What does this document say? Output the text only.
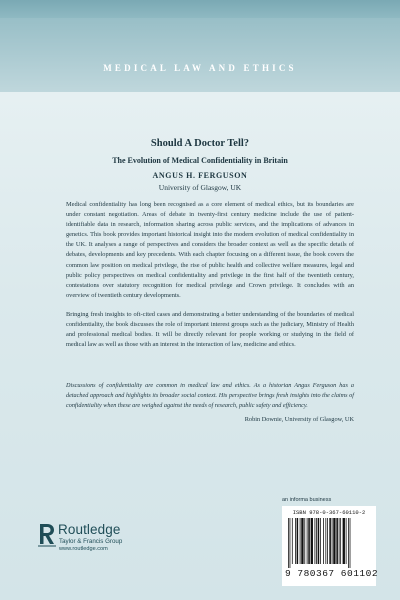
MEDICAL LAW AND ETHICS
Should A Doctor Tell?
The Evolution of Medical Confidentiality in Britain
ANGUS H. FERGUSON
University of Glasgow, UK

Medical confidentiality has long been recognised as a core element of medical ethics, but its boundaries are under constant negotiation. Areas of debate in twenty-first century medicine include the use of patient-identifiable data in research, information sharing across public services, and the implications of advances in genetics. This book provides important historical insight into the modern evolution of medical confidentiality in the UK. It analyses a range of perspectives and considers the broader context as well as the specific details of debates, developments and key precedents. With each chapter focusing on a different issue, the book covers the common law position on medical privilege, the rise of public health and collective welfare measures, legal and public policy perspectives on medical confidentiality and privilege in the first half of the twentieth century, contestations over statutory recognition for medical privilege and Crown privilege. It concludes with an overview of twentieth century developments.

Bringing fresh insights to oft-cited cases and demonstrating a better understanding of the boundaries of medical confidentiality, the book discusses the role of important interest groups such as the judiciary, Ministry of Health and professional medical bodies. It will be directly relevant for people working or studying in the field of medical law as well as those with an interest in the interaction of law, medicine and ethics.

Discussions of confidentiality are common in medical law and ethics. As a historian Angus Ferguson has a detached approach and highlights its broader social context. His perspective brings fresh insights into the claims of confidentiality when these are weighed against the needs of research, public safety and efficiency.

Robin Downie, University of Glasgow, UK

Routledge
Taylor & Francis Group
www.routledge.com
an informa business
ISBN 978-0-367-60110-2
9 780367 601102
